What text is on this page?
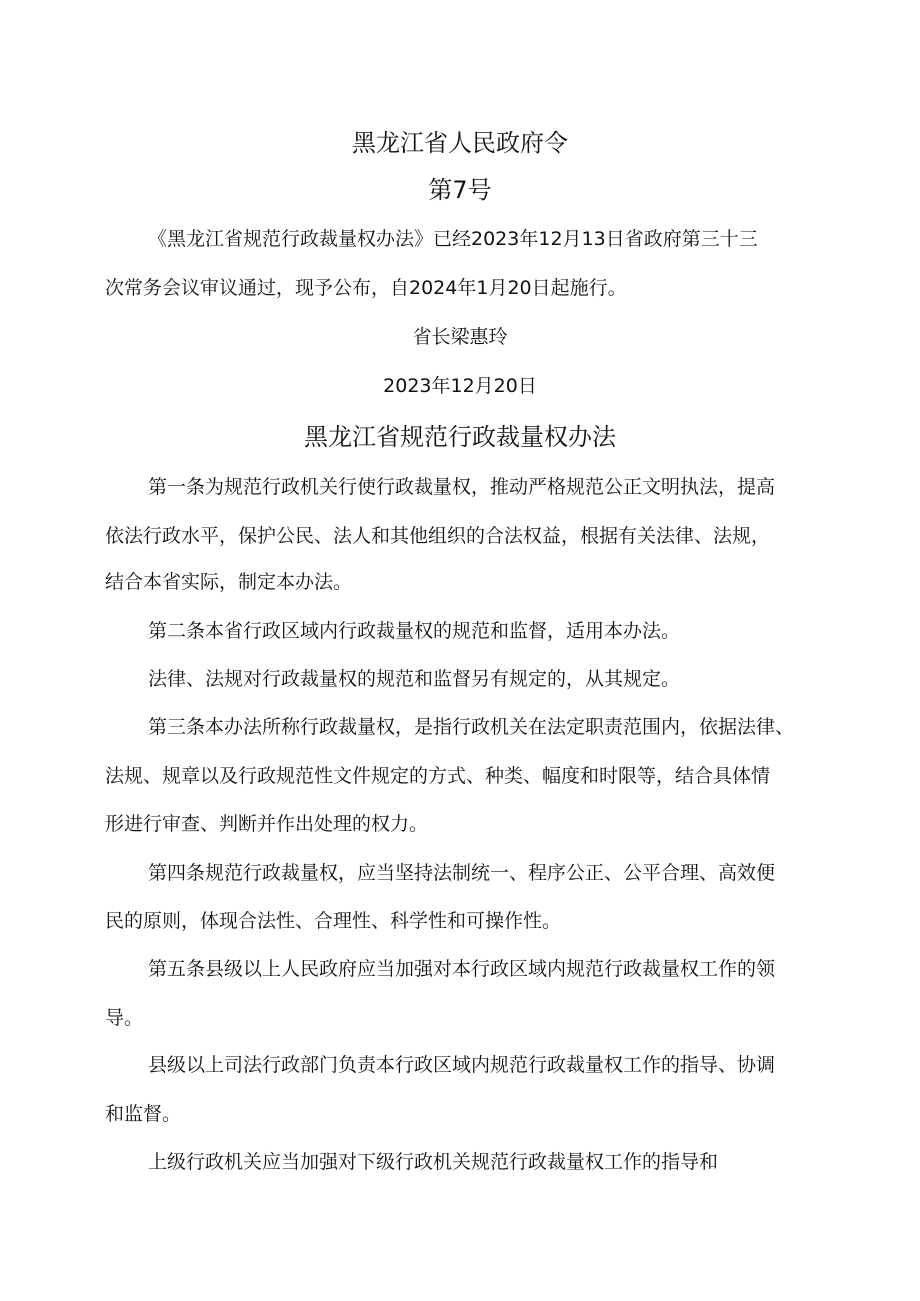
黑龙江省人民政府令
第7号
《黑龙江省规范行政裁量权办法》已经2023年12月13日省政府第三十三
次常务会议审议通过，现予公布，自2024年1月20日起施行。
省长梁惠玲
2023年12月20日
黑龙江省规范行政裁量权办法
第一条为规范行政机关行使行政裁量权，推动严格规范公正文明执法，提高
依法行政水平，保护公民、法人和其他组织的合法权益，根据有关法律、法规，
结合本省实际，制定本办法。
第二条本省行政区域内行政裁量权的规范和监督，适用本办法。
法律、法规对行政裁量权的规范和监督另有规定的，从其规定。
第三条本办法所称行政裁量权，是指行政机关在法定职责范围内，依据法律、
法规、规章以及行政规范性文件规定的方式、种类、幅度和时限等，结合具体情
形进行审查、判断并作出处理的权力。
第四条规范行政裁量权，应当坚持法制统一、程序公正、公平合理、高效便
民的原则，体现合法性、合理性、科学性和可操作性。
第五条县级以上人民政府应当加强对本行政区域内规范行政裁量权工作的领
导。
县级以上司法行政部门负责本行政区域内规范行政裁量权工作的指导、协调
和监督。
上级行政机关应当加强对下级行政机关规范行政裁量权工作的指导和
